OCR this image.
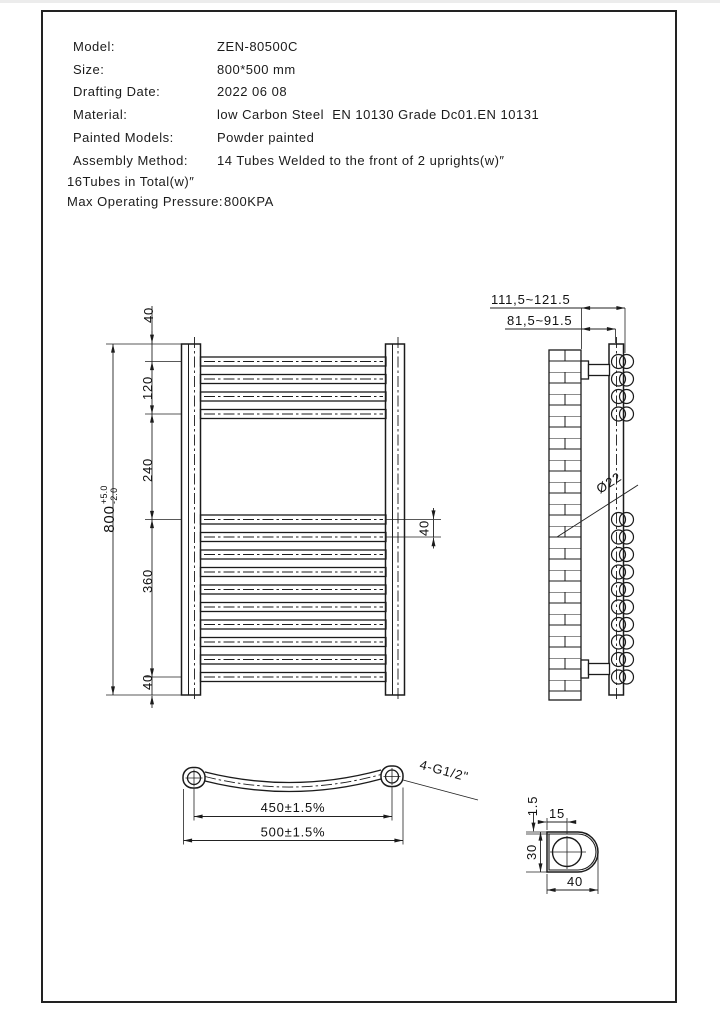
Model:	ZEN-80500C
Size:	800*500 mm
Drafting Date:	2022 06 08
Material:	low Carbon Steel  EN 10130 Grade Dc01.EN 10131
Painted Models:	Powder painted
Assembly Method: 14 Tubes Welded to the front of 2 uprights(w)″
16Tubes in Total(w)″
Max Operating Pressure: 800KPA
40
120
240
360
40
40
800
+5.0 -2.0
111,5~121.5
81,5~91.5
Ø22
4-G1/2"
450±1.5%
500±1.5%
15
1.5
30
40
